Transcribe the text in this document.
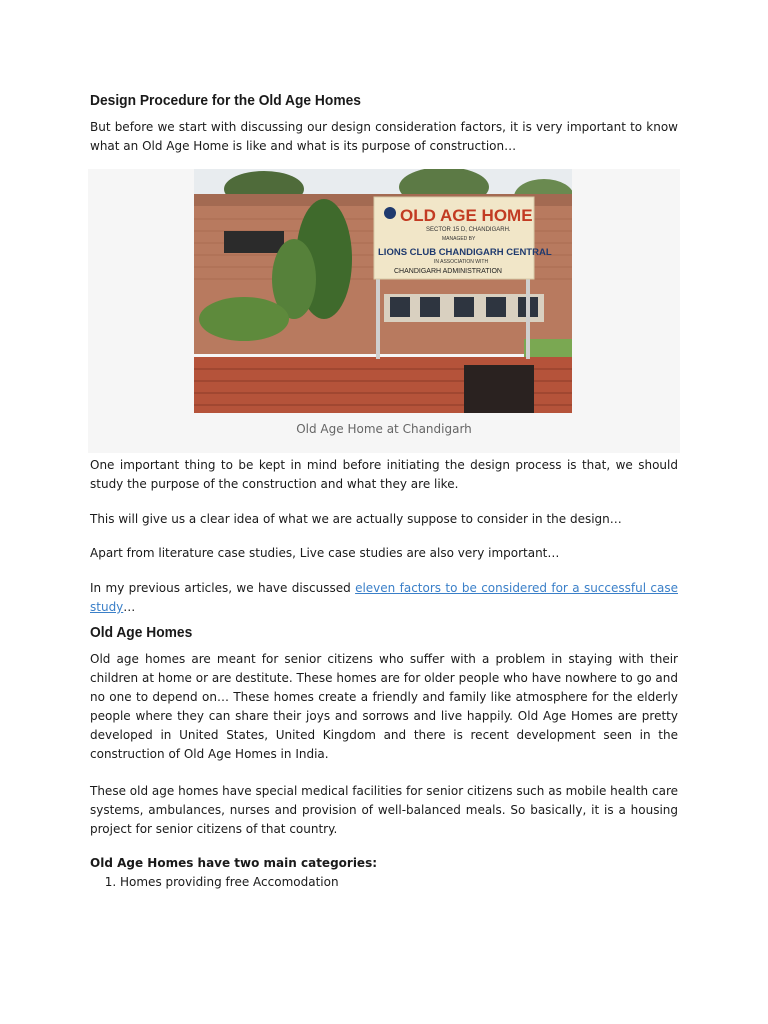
Design Procedure for the Old Age Homes

But before we start with discussing our design consideration factors, it is very important to know what an Old Age Home is like and what is its purpose of construction…

OLD AGE HOME
SECTOR 15 D, CHANDIGARH.
MANAGED BY
LIONS CLUB CHANDIGARH CENTRAL
IN ASSOCIATION WITH
CHANDIGARH ADMINISTRATION
Old Age Home at Chandigarh

One important thing to be kept in mind before initiating the design process is that, we should study the purpose of the construction and what they are like.

This will give us a clear idea of what we are actually suppose to consider in the design…

Apart from literature case studies, Live case studies are also very important…

In my previous articles, we have discussed eleven factors to be considered for a successful case study…

Old Age Homes

Old age homes are meant for senior citizens who suffer with a problem in staying with their children at home or are destitute. These homes are for older people who have nowhere to go and no one to depend on… These homes create a friendly and family like atmosphere for the elderly people where they can share their joys and sorrows and live happily. Old Age Homes are pretty developed in United States, United Kingdom and there is recent development seen in the construction of Old Age Homes in India.

These old age homes have special medical facilities for senior citizens such as mobile health care systems, ambulances, nurses and provision of well-balanced meals. So basically, it is a housing project for senior citizens of that country.

Old Age Homes have two main categories:

1. Homes providing free Accomodation
